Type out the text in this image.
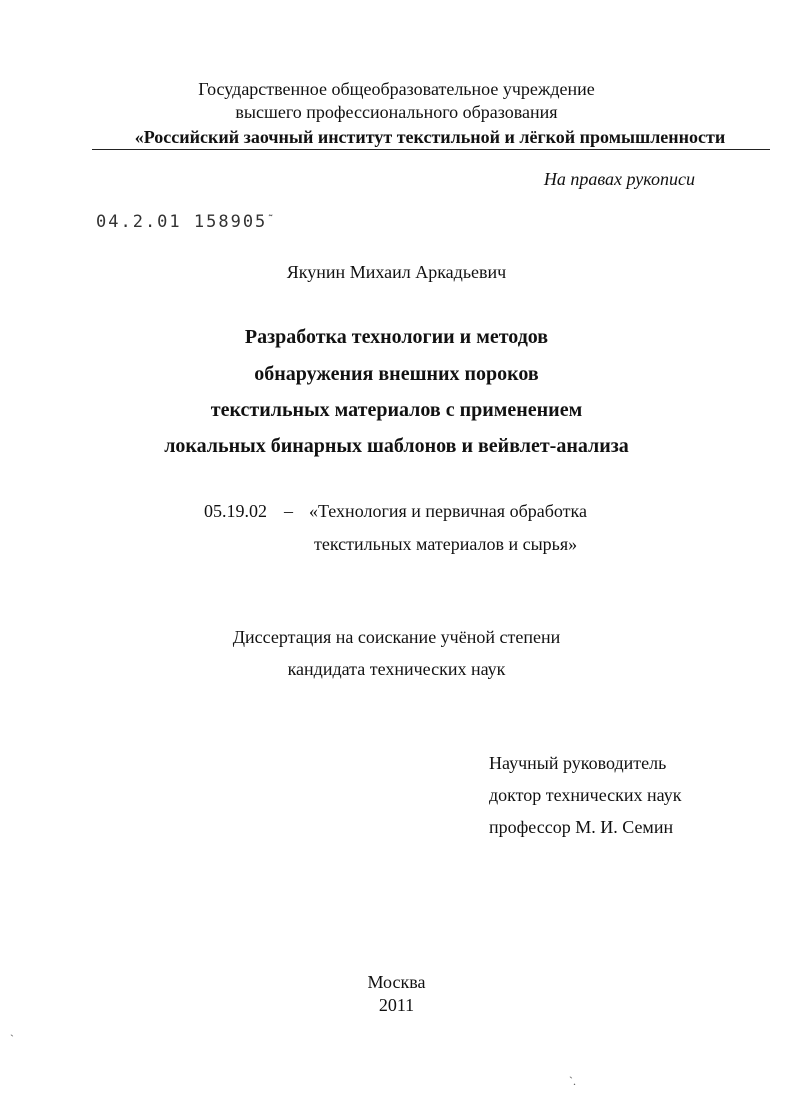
Государственное общеобразовательное учреждение
высшего профессионального образования
«Российский заочный институт текстильной и лёгкой промышленности
На правах рукописи
04.2.01 158905˜
Якунин Михаил Аркадьевич
Разработка технологии и методов
обнаружения внешних пороков
текстильных материалов с применением
локальных бинарных шаблонов и вейвлет-анализа
05.19.02 – «Технология и первичная обработка
текстильных материалов и сырья»
Диссертация на соискание учёной степени
кандидата технических наук
Научный руководитель
доктор технических наук
профессор М. И. Семин
Москва
2011
ˋ
ˋ.
